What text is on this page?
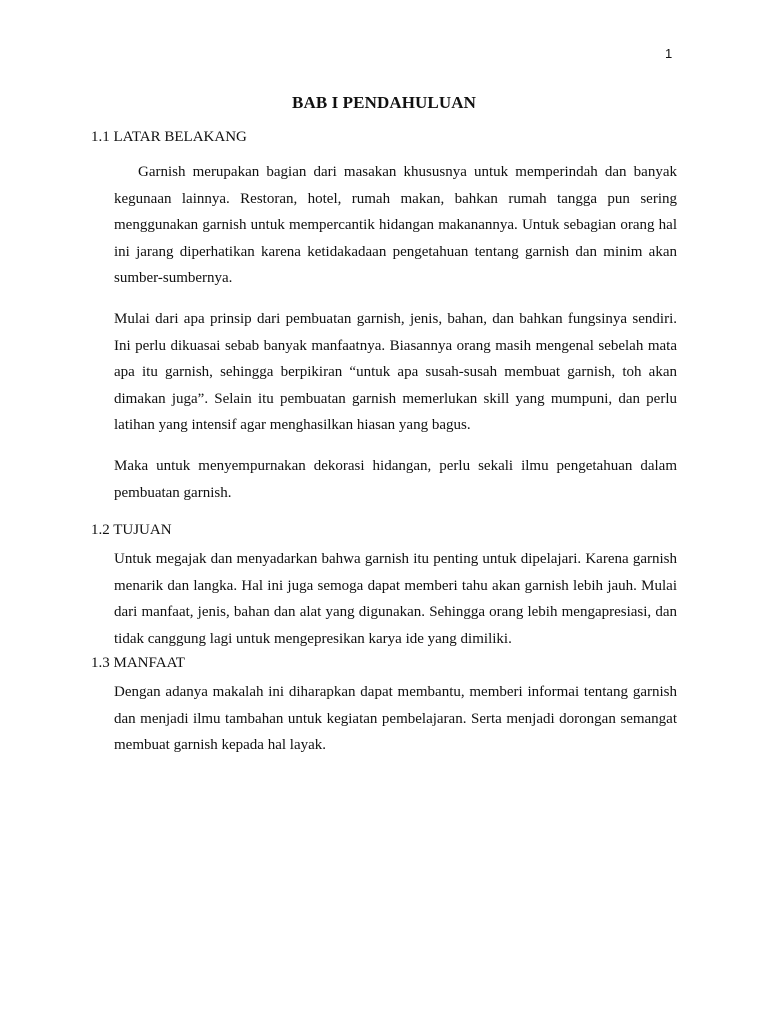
1
BAB I PENDAHULUAN
1.1 LATAR BELAKANG

Garnish merupakan bagian dari masakan khususnya untuk memperindah dan banyak kegunaan lainnya. Restoran, hotel, rumah makan, bahkan rumah tangga pun sering menggunakan garnish untuk mempercantik hidangan makanannya. Untuk sebagian orang hal ini jarang diperhatikan karena ketidakadaan pengetahuan tentang garnish dan minim akan sumber-sumbernya.

Mulai dari apa prinsip dari pembuatan garnish, jenis, bahan, dan bahkan fungsinya sendiri. Ini perlu dikuasai sebab banyak manfaatnya. Biasannya orang masih mengenal sebelah mata apa itu garnish, sehingga berpikiran “untuk apa susah-susah membuat garnish, toh akan dimakan juga”. Selain itu pembuatan garnish memerlukan skill yang mumpuni, dan perlu latihan yang intensif agar menghasilkan hiasan yang bagus.

Maka untuk menyempurnakan dekorasi hidangan, perlu sekali ilmu pengetahuan dalam pembuatan garnish.

1.2 TUJUAN

Untuk megajak dan menyadarkan bahwa garnish itu penting untuk dipelajari. Karena garnish menarik dan langka. Hal ini juga semoga dapat memberi tahu akan garnish lebih jauh. Mulai dari manfaat, jenis, bahan dan alat yang digunakan. Sehingga orang lebih mengapresiasi, dan tidak canggung lagi untuk mengepresikan karya ide yang dimiliki.

1.3 MANFAAT

Dengan adanya makalah ini diharapkan dapat membantu, memberi informai tentang garnish dan menjadi ilmu tambahan untuk kegiatan pembelajaran. Serta menjadi dorongan semangat membuat garnish kepada hal layak.
